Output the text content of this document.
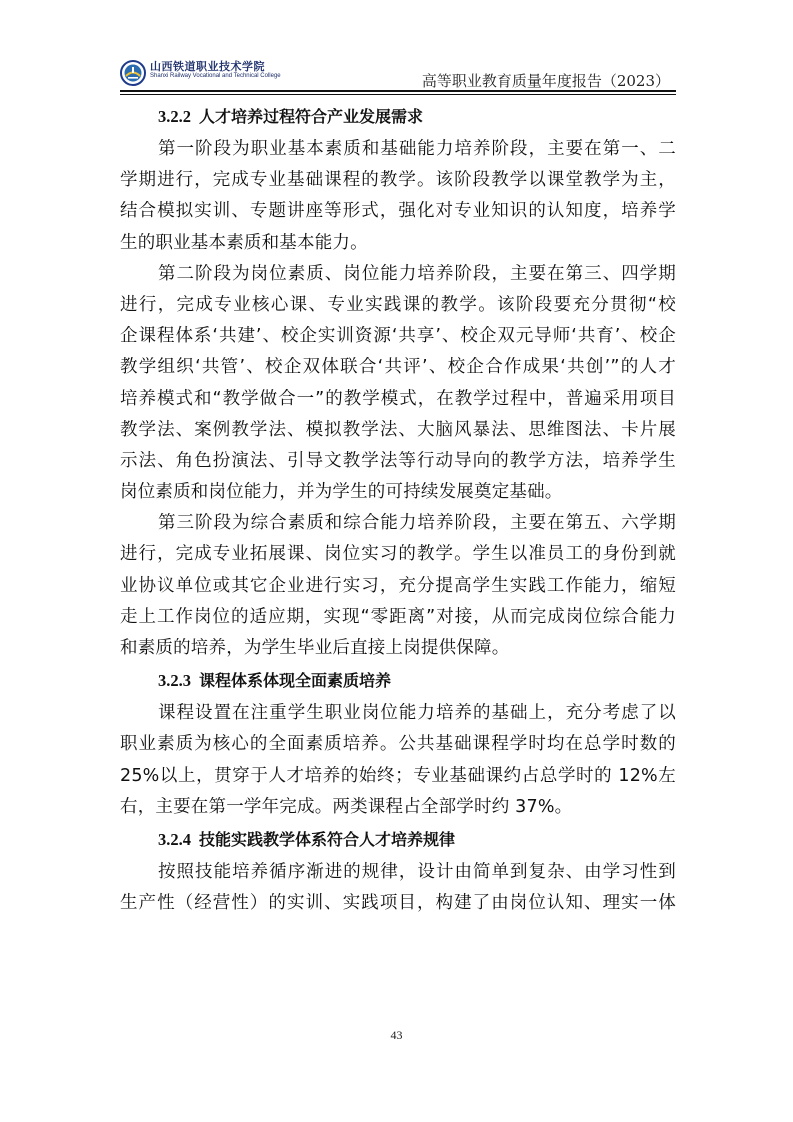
山西铁道职业技术学院
Shanxi Railway Vocational and Technical College	高等职业教育质量年度报告（2023）
3.2.2 人才培养过程符合产业发展需求
第一阶段为职业基本素质和基础能力培养阶段，主要在第一、二
学期进行，完成专业基础课程的教学。该阶段教学以课堂教学为主，
结合模拟实训、专题讲座等形式，强化对专业知识的认知度，培养学
生的职业基本素质和基本能力。
第二阶段为岗位素质、岗位能力培养阶段，主要在第三、四学期
进行，完成专业核心课、专业实践课的教学。该阶段要充分贯彻“校
企课程体系‘共建’、校企实训资源‘共享’、校企双元导师‘共育’、校企
教学组织‘共管’、校企双体联合‘共评’、校企合作成果‘共创’”的人才
培养模式和“教学做合一”的教学模式，在教学过程中，普遍采用项目
教学法、案例教学法、模拟教学法、大脑风暴法、思维图法、卡片展
示法、角色扮演法、引导文教学法等行动导向的教学方法，培养学生
岗位素质和岗位能力，并为学生的可持续发展奠定基础。
第三阶段为综合素质和综合能力培养阶段，主要在第五、六学期
进行，完成专业拓展课、岗位实习的教学。学生以准员工的身份到就
业协议单位或其它企业进行实习，充分提高学生实践工作能力，缩短
走上工作岗位的适应期，实现“零距离”对接，从而完成岗位综合能力
和素质的培养，为学生毕业后直接上岗提供保障。
3.2.3 课程体系体现全面素质培养
课程设置在注重学生职业岗位能力培养的基础上，充分考虑了以
职业素质为核心的全面素质培养。公共基础课程学时均在总学时数的
25%以上，贯穿于人才培养的始终；专业基础课约占总学时的 12%左
右，主要在第一学年完成。两类课程占全部学时约 37%。
3.2.4 技能实践教学体系符合人才培养规律
按照技能培养循序渐进的规律，设计由简单到复杂、由学习性到
生产性（经营性）的实训、实践项目，构建了由岗位认知、理实一体
43
